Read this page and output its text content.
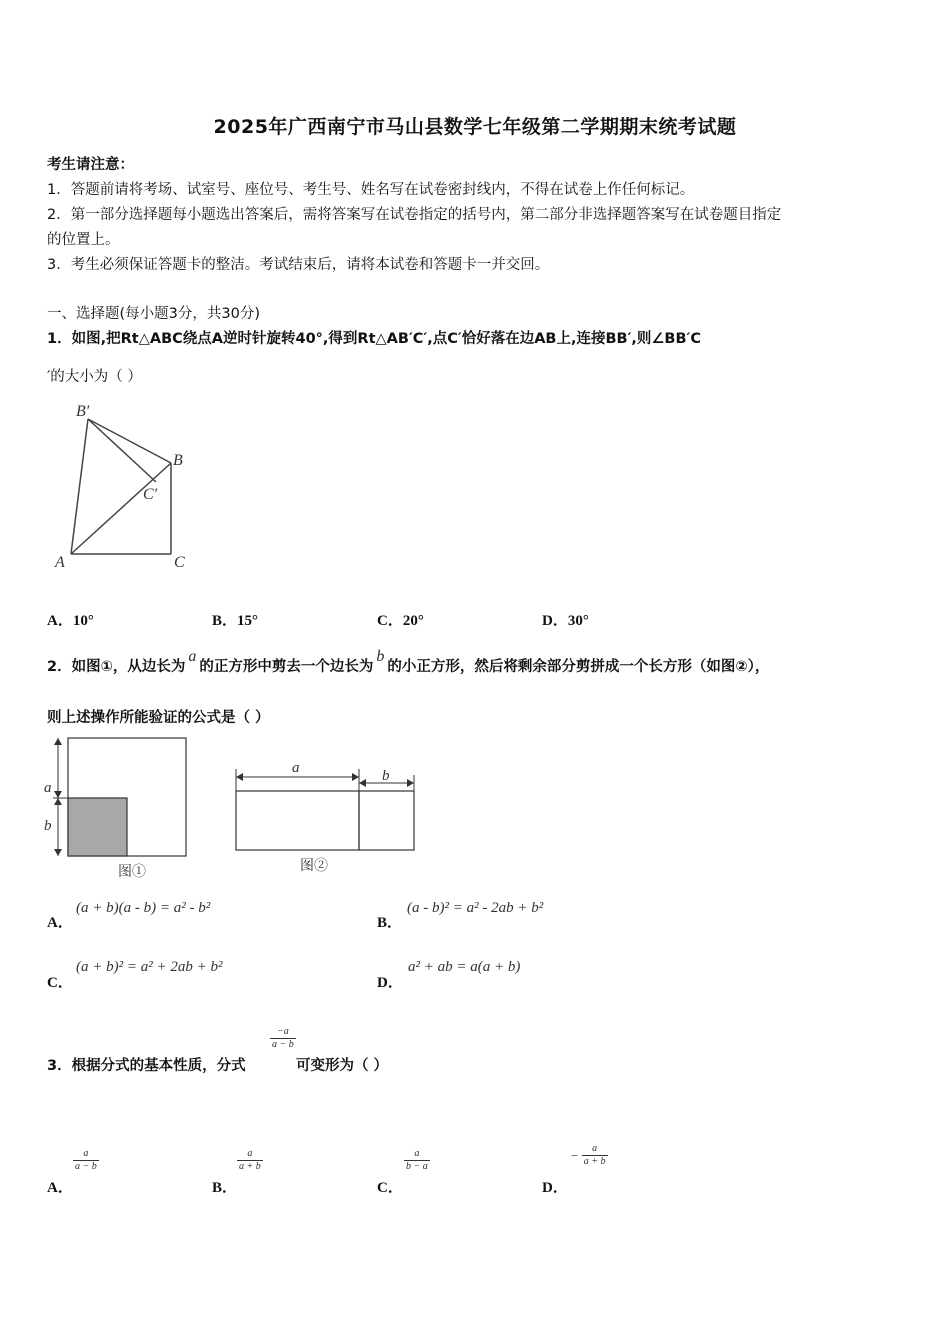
2025年广西南宁市马山县数学七年级第二学期期末统考试题
考生请注意：
1．答题前请将考场、试室号、座位号、考生号、姓名写在试卷密封线内，不得在试卷上作任何标记。
2．第一部分选择题每小题选出答案后，需将答案写在试卷指定的括号内，第二部分非选择题答案写在试卷题目指定
的位置上。
3．考生必须保证答题卡的整洁。考试结束后，请将本试卷和答题卡一并交回。
一、选择题(每小题3分，共30分)
1．如图,把Rt△ABC绕点A逆时针旋转40°,得到Rt△AB′C′,点C′恰好落在边AB上,连接BB′,则∠BB′C
′的大小为（ ）
B′
B
C′
A	C
A．10°	B．15°	C．20°	D．30°
2．如图①，从边长为a的正方形中剪去一个边长为b的小正方形，然后将剩余部分剪拼成一个长方形（如图②），
则上述操作所能验证的公式是（ ）
a
b
图①
a	b
图②
A．
(a + b)(a - b) = a² - b²
B．
(a - b)² = a² - 2ab + b²
C．
(a + b)² = a² + 2ab + b²
D．
a² + ab = a(a + b)
3．根据分式的基本性质，分式
$\frac{-a}{a - b}$
可变形为（ ）
A．
$\frac{a}{a - b}$
B．
$\frac{a}{a + b}$
C．
$\frac{a}{b - a}$
D．
− $\frac{a}{a + b}$
